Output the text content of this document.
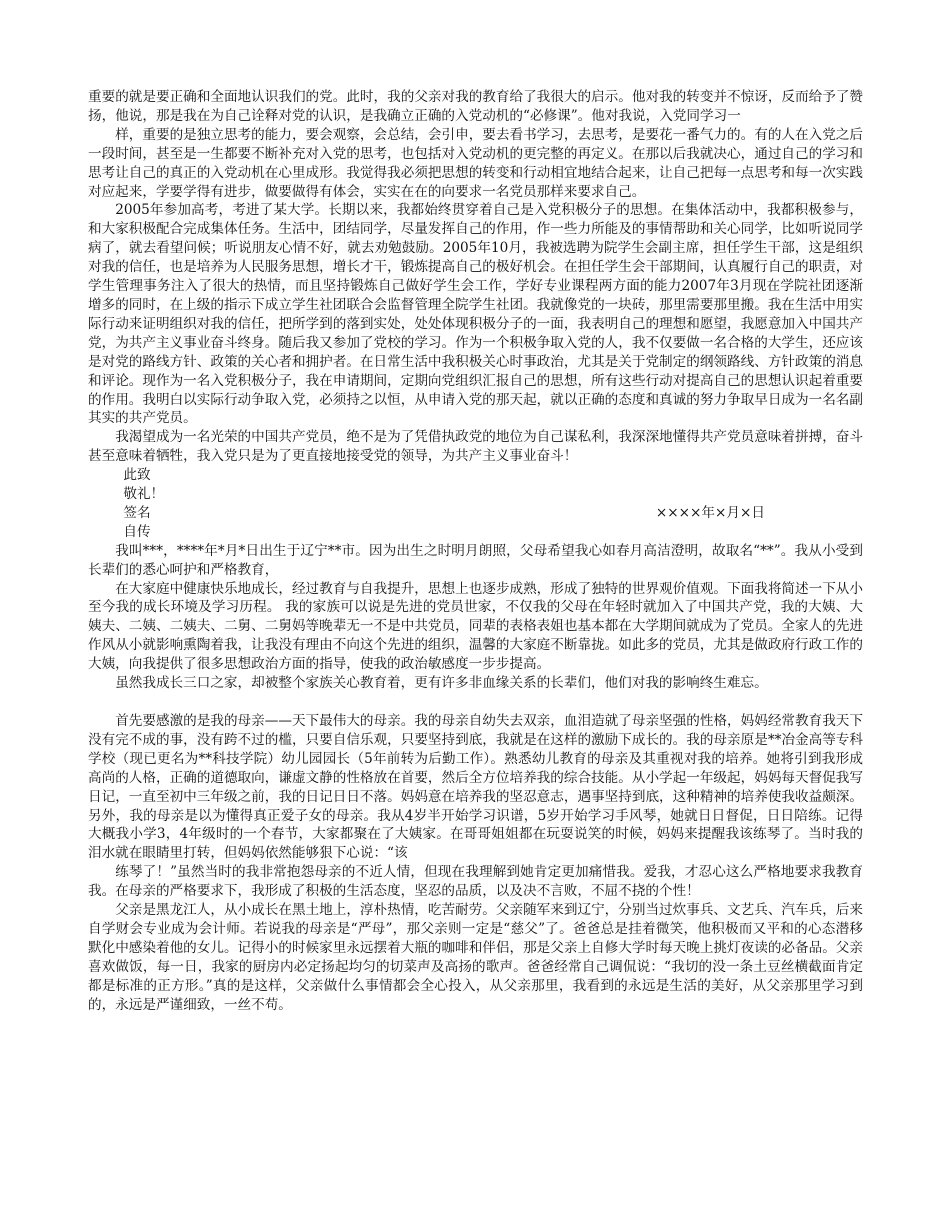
重要的就是要正确和全面地认识我们的党。此时，我的父亲对我的教育给了我很大的启示。他对我的转变并不惊讶，反而给予了赞扬，他说，那是我在为自己诠释对党的认识，是我确立正确的入党动机的“必修课”。他对我说，入党同学习一

样，重要的是独立思考的能力，要会观察，会总结，会引申，要去看书学习，去思考，是要花一番气力的。有的人在入党之后一段时间，甚至是一生都要不断补充对入党的思考，也包括对入党动机的更完整的再定义。在那以后我就决心，通过自己的学习和思考让自己的真正的入党动机在心里成形。我觉得我必须把思想的转变和行动相宜地结合起来，让自己把每一点思考和每一次实践对应起来，学要学得有进步，做要做得有体会，实实在在的向要求一名党员那样来要求自己。

2005年参加高考，考进了某大学。长期以来，我都始终贯穿着自己是入党积极分子的思想。在集体活动中，我都积极参与，和大家积极配合完成集体任务。生活中，团结同学，尽量发挥自己的作用，作一些力所能及的事情帮助和关心同学，比如听说同学病了，就去看望问候；听说朋友心情不好，就去劝勉鼓励。2005年10月，我被选聘为院学生会副主席，担任学生干部，这是组织对我的信任，也是培养为人民服务思想，增长才干，锻炼提高自己的极好机会。在担任学生会干部期间，认真履行自己的职责，对学生管理事务注入了很大的热情，而且坚持锻炼自己做好学生会工作，学好专业课程两方面的能力2007年3月现在学院社团逐渐增多的同时，在上级的指示下成立学生社团联合会监督管理全院学生社团。我就像党的一块砖，那里需要那里搬。我在生活中用实际行动来证明组织对我的信任，把所学到的落到实处，处处体现积极分子的一面，我表明自己的理想和愿望，我愿意加入中国共产党，为共产主义事业奋斗终身。随后我又参加了党校的学习。作为一个积极争取入党的人，我不仅要做一名合格的大学生，还应该是对党的路线方针、政策的关心者和拥护者。在日常生活中我积极关心时事政治，尤其是关于党制定的纲领路线、方针政策的消息和评论。现作为一名入党积极分子，我在申请期间，定期向党组织汇报自己的思想，所有这些行动对提高自己的思想认识起着重要的作用。我明白以实际行动争取入党，必须持之以恒，从申请入党的那天起，就以正确的态度和真诚的努力争取早日成为一名名副其实的共产党员。

我渴望成为一名光荣的中国共产党员，绝不是为了凭借执政党的地位为自己谋私利，我深深地懂得共产党员意味着拼搏，奋斗甚至意味着牺牲，我入党只是为了更直接地接受党的领导，为共产主义事业奋斗！

此致

敬礼！

签名	××××年×月×日

自传

我叫***，****年*月*日出生于辽宁**市。因为出生之时明月朗照，父母希望我心如春月高洁澄明，故取名“**”。我从小受到长辈们的悉心呵护和严格教育，

在大家庭中健康快乐地成长，经过教育与自我提升，思想上也逐步成熟，形成了独特的世界观价值观。下面我将简述一下从小至今我的成长环境及学习历程。 我的家族可以说是先进的党员世家，不仅我的父母在年轻时就加入了中国共产党，我的大姨、大姨夫、二姨、二姨夫、二舅、二舅妈等晚辈无一不是中共党员，同辈的表格表姐也基本都在大学期间就成为了党员。全家人的先进作风从小就影响熏陶着我，让我没有理由不向这个先进的组织，温馨的大家庭不断靠拢。如此多的党员，尤其是做政府行政工作的大姨，向我提供了很多思想政治方面的指导，使我的政治敏感度一步步提高。

虽然我成长三口之家，却被整个家族关心教育着，更有许多非血缘关系的长辈们，他们对我的影响终生难忘。

首先要感激的是我的母亲——天下最伟大的母亲。我的母亲自幼失去双亲，血泪造就了母亲坚强的性格，妈妈经常教育我天下没有完不成的事，没有跨不过的槛，只要自信乐观，只要坚持到底，我就是在这样的激励下成长的。我的母亲原是**冶金高等专科学校（现已更名为**科技学院）幼儿园园长（5年前转为后勤工作）。熟悉幼儿教育的母亲及其重视对我的培养。她将引到我形成高尚的人格，正确的道德取向，谦虚文静的性格放在首要，然后全方位培养我的综合技能。从小学起一年级起，妈妈每天督促我写日记，一直至初中三年级之前，我的日记日日不落。妈妈意在培养我的坚忍意志，遇事坚持到底，这种精神的培养使我收益颇深。另外，我的母亲是以为懂得真正爱子女的母亲。我从4岁半开始学习识谱，5岁开始学习手风琴，她就日日督促，日日陪练。记得大概我小学3，4年级时的一个春节，大家都聚在了大姨家。在哥哥姐姐都在玩耍说笑的时候，妈妈来提醒我该练琴了。当时我的泪水就在眼睛里打转，但妈妈依然能够狠下心说：“该

练琴了！”虽然当时的我非常抱怨母亲的不近人情，但现在我理解到她肯定更加痛惜我。爱我，才忍心这么严格地要求我教育我。在母亲的严格要求下，我形成了积极的生活态度，坚忍的品质，以及决不言败，不屈不挠的个性！

父亲是黑龙江人，从小成长在黑土地上，淳朴热情，吃苦耐劳。父亲随军来到辽宁，分别当过炊事兵、文艺兵、汽车兵，后来自学财会专业成为会计师。若说我的母亲是“严母”，那父亲则一定是“慈父”了。爸爸总是挂着微笑，他积极而又平和的心态潜移默化中感染着他的女儿。记得小的时候家里永远摆着大瓶的咖啡和伴侣，那是父亲上自修大学时每天晚上挑灯夜读的必备品。父亲喜欢做饭，每一日，我家的厨房内必定扬起均匀的切菜声及高扬的歌声。爸爸经常自己调侃说：“我切的没一条土豆丝横截面肯定都是标准的正方形。”真的是这样，父亲做什么事情都会全心投入，从父亲那里，我看到的永远是生活的美好，从父亲那里学习到的，永远是严谨细致，一丝不苟。
